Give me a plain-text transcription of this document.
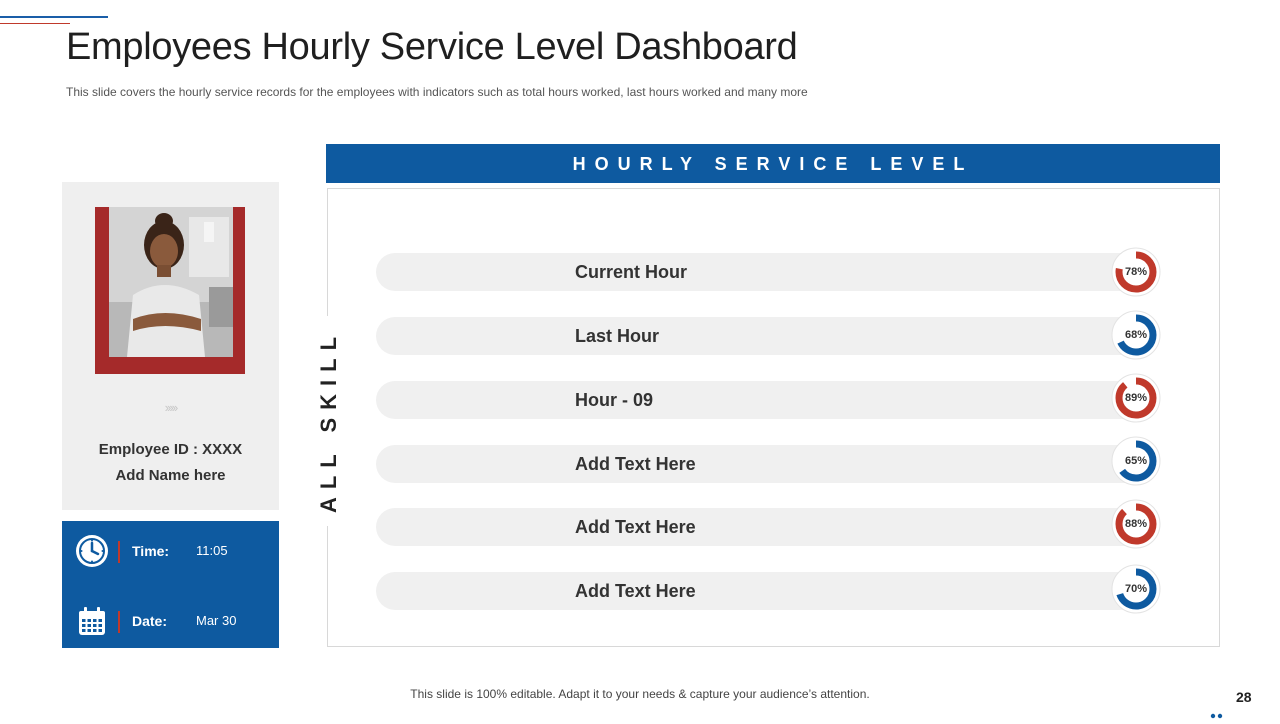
Employees Hourly Service Level Dashboard
This slide covers the hourly service records for the employees with indicators such as total hours worked, last hours worked and many more
›››››
Employee ID : XXXX
Add Name here
Time: 11:05
Date: Mar 30
HOURLY SERVICE LEVEL
ALL SKILL
Current Hour	78%
Last Hour	68%
Hour - 09	89%
Add Text Here	65%
Add Text Here	88%
Add Text Here	70%
This slide is 100% editable. Adapt it to your needs & capture your audience’s attention.	28
